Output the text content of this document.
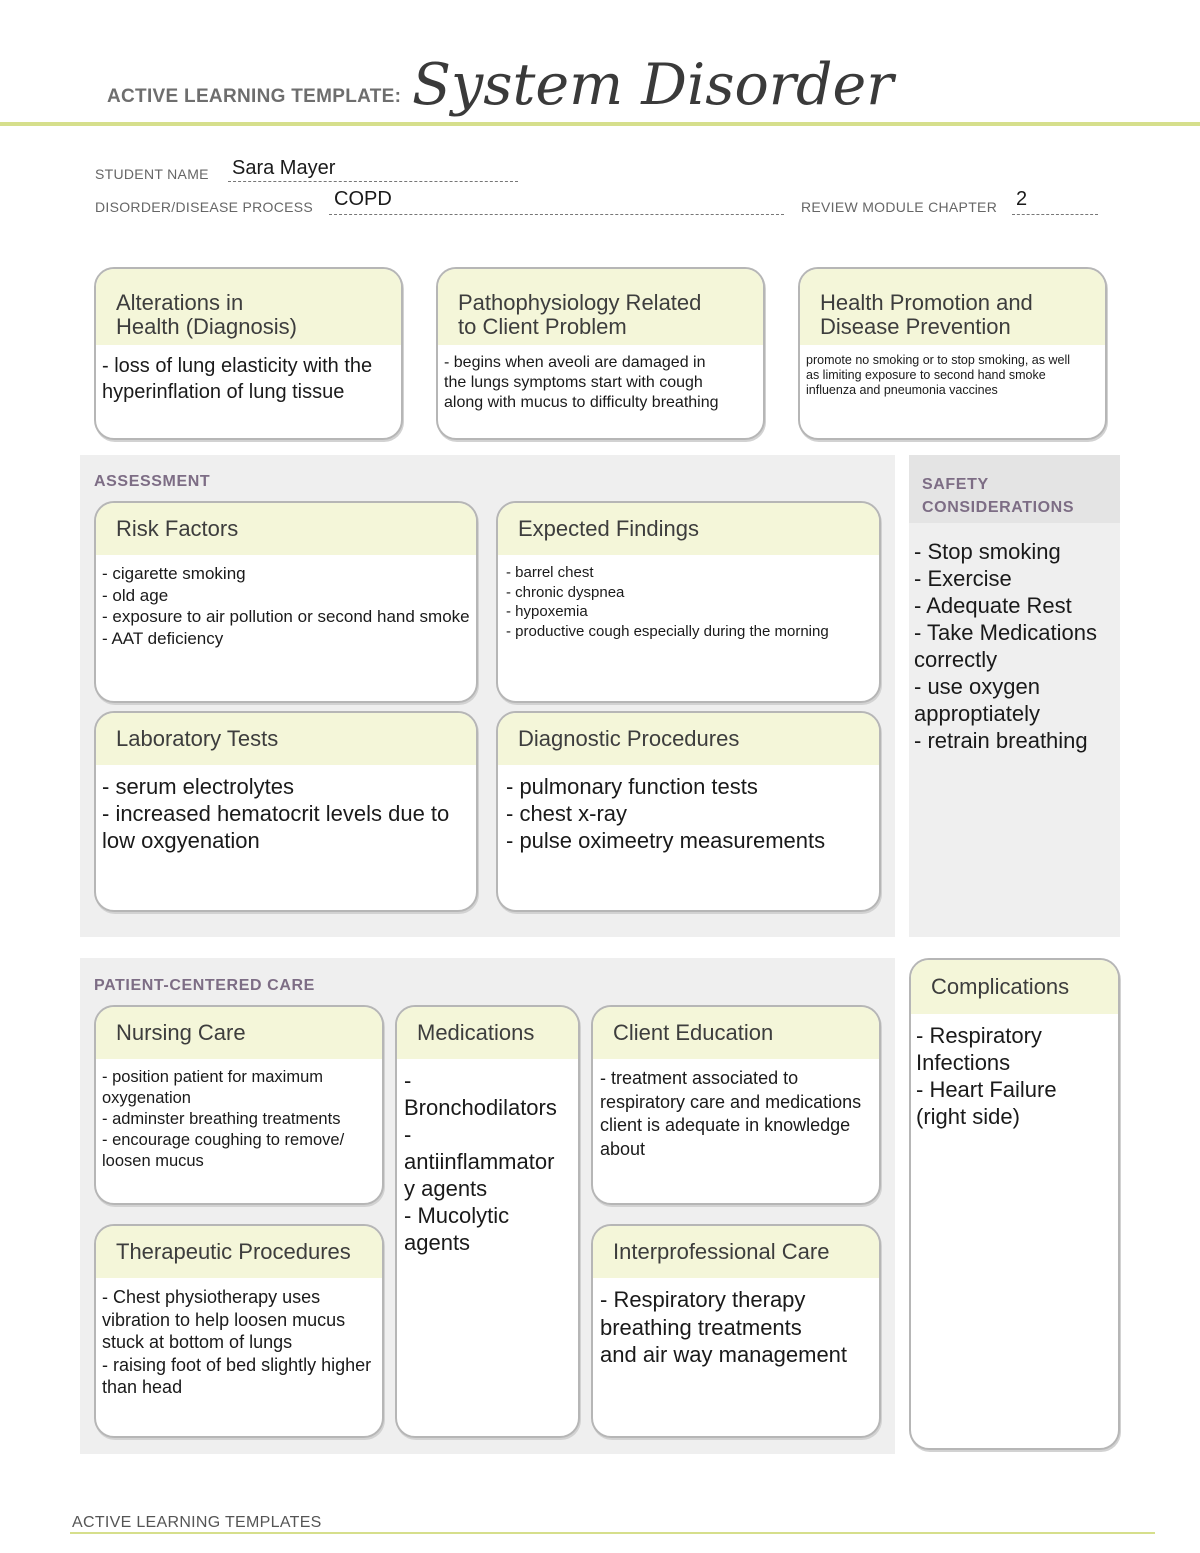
ACTIVE LEARNING TEMPLATE: System Disorder
STUDENT NAME Sara Mayer
DISORDER/DISEASE PROCESS COPD	REVIEW MODULE CHAPTER 2
Alterations in
Health (Diagnosis)
- loss of lung elasticity with the hyperinflation of lung tissue
Pathophysiology Related
to Client Problem
- begins when aveoli are damaged in
the lungs symptoms start with cough
along with mucus to difficulty breathing
Health Promotion and
Disease Prevention
promote no smoking or to stop smoking, as well
as limiting exposure to second hand smoke
influenza and pneumonia vaccines
ASSESSMENT
Risk Factors
- cigarette smoking
- old age
- exposure to air pollution or second hand smoke
- AAT deficiency
Expected Findings
- barrel chest
- chronic dyspnea
- hypoxemia
- productive cough especially during the morning
Laboratory Tests
- serum electrolytes
- increased hematocrit levels due to low oxgyenation
Diagnostic Procedures
- pulmonary function tests
- chest x-ray
- pulse oximeetry measurements
SAFETY
CONSIDERATIONS
- Stop smoking
- Exercise
- Adequate Rest
- Take Medications correctly
- use oxygen approptiately
- retrain breathing
PATIENT-CENTERED CARE
Nursing Care
- position patient for maximum oxygenation
- adminster breathing treatments
- encourage coughing to remove/ loosen mucus
Medications
-
Bronchodilators
-
antiinflammator
y agents
- Mucolytic
agents
Client Education
- treatment associated to respiratory care and medications client is adequate in knowledge about
Therapeutic Procedures
- Chest physiotherapy uses vibration to help loosen mucus stuck at bottom of lungs
- raising foot of bed slightly higher than head
Interprofessional Care
- Respiratory therapy
breathing treatments
and air way management
Complications
- Respiratory Infections
- Heart Failure (right side)
ACTIVE LEARNING TEMPLATES
